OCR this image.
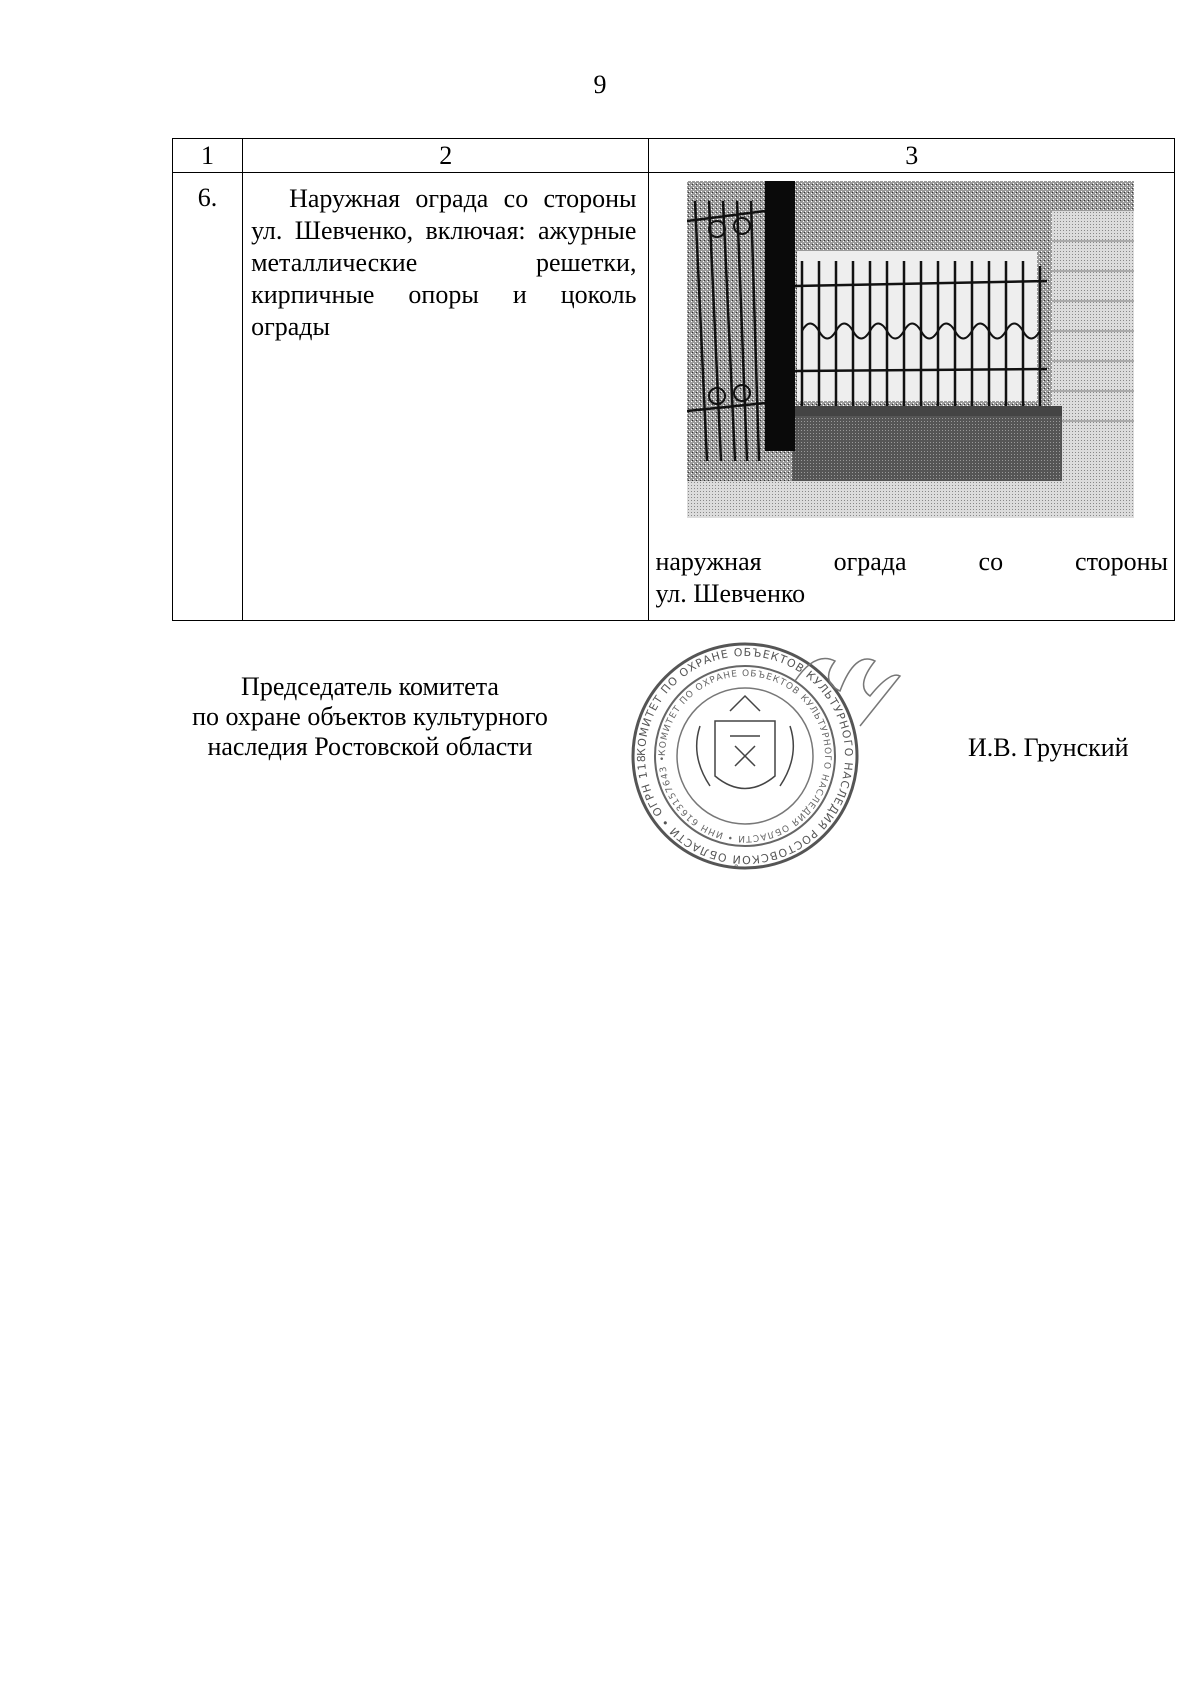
9
1	2	3
6.	Наружная ограда со стороны ул. Шевченко, включая: ажурные металлические решетки, кирпичные опоры и цоколь ограды	наружная ограда со стороны
ул. Шевченко
Председатель комитета
по охране объектов культурного
наследия Ростовской области	КОМИТЕТ ПО ОХРАНЕ ОБЪЕКТОВ КУЛЬТУРНОГО НАСЛЕДИЯ РОСТОВСКОЙ ОБЛАСТИ • ОГРН 118
КОМИТЕТ ПО ОХРАНЕ ОБЪЕКТОВ КУЛЬТУРНОГО НАСЛЕДИЯ ОБЛАСТИ • ИНН 6163157643 •	И.В. Грунский
